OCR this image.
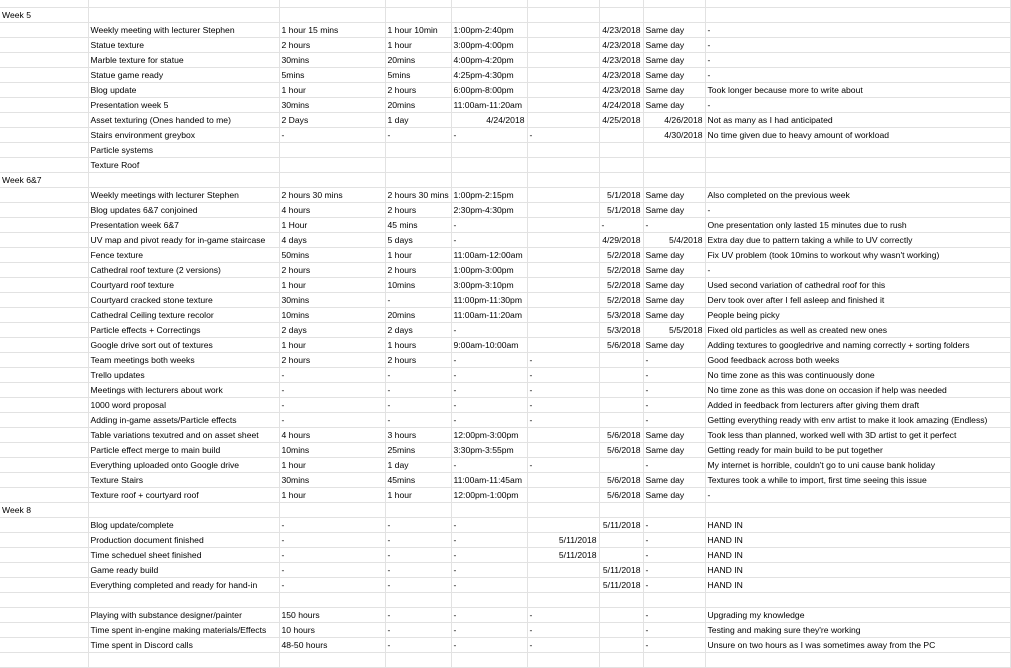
Week 5								
	Weekly meeting with lecturer Stephen	1 hour 15 mins	1 hour 10min	1:00pm-2:40pm		4/23/2018	Same day	-
	Statue texture	2 hours	1 hour	3:00pm-4:00pm		4/23/2018	Same day	-
	Marble texture for statue	30mins	20mins	4:00pm-4:20pm		4/23/2018	Same day	-
	Statue game ready	5mins	5mins	4:25pm-4:30pm		4/23/2018	Same day	-
	Blog update	1 hour	2 hours	6:00pm-8:00pm		4/23/2018	Same day	Took longer because more to write about
	Presentation week 5	30mins	20mins	11:00am-11:20am		4/24/2018	Same day	-
	Asset texturing (Ones handed to me)	2 Days	1 day	4/24/2018		4/25/2018	4/26/2018	Not as many as I had anticipated
	Stairs environment greybox	-	-	-	-		4/30/2018	No time given due to heavy amount of workload
	Particle systems							
	Texture Roof							
Week 6&7								
	Weekly meetings with lecturer Stephen	2 hours 30 mins	2 hours 30 mins	1:00pm-2:15pm		5/1/2018	Same day	Also completed on the previous week
	Blog updates 6&7 conjoined	4 hours	2 hours	2:30pm-4:30pm		5/1/2018	Same day	-
	Presentation week 6&7	1 Hour	45 mins	-		-	-	One presentation only lasted 15 minutes due to rush
	UV map and pivot ready for in-game staircase	4 days	5 days	-		4/29/2018	5/4/2018	Extra day due to pattern taking a while to UV correctly
	Fence texture	50mins	1 hour	11:00am-12:00am		5/2/2018	Same day	Fix UV problem (took 10mins to workout why wasn't working)
	Cathedral roof texture (2 versions)	2 hours	2 hours	1:00pm-3:00pm		5/2/2018	Same day	-
	Courtyard roof texture	1 hour	10mins	3:00pm-3:10pm		5/2/2018	Same day	Used second variation of cathedral roof for this
	Courtyard cracked stone texture	30mins	-	11:00pm-11:30pm		5/2/2018	Same day	Derv took over after I fell asleep and finished it
	Cathedral Ceiling texture recolor	10mins	20mins	11:00am-11:20am		5/3/2018	Same day	People being picky
	Particle effects + Correctings	2 days	2 days	-		5/3/2018	5/5/2018	Fixed old particles as well as created new ones
	Google drive sort out of textures	1 hour	1 hours	9:00am-10:00am		5/6/2018	Same day	Adding textures to googledrive and naming correctly + sorting folders
	Team meetings both weeks	2 hours	2 hours	-	-		-	Good feedback across both weeks
	Trello updates	-	-	-	-		-	No time zone as this was continuously done
	Meetings with lecturers about work	-	-	-	-		-	No time zone as this was done on occasion if help was needed
	1000 word proposal	-	-	-	-		-	Added in feedback from lecturers after giving them draft
	Adding in-game assets/Particle effects	-	-	-	-		-	Getting everything ready with env artist to make it look amazing (Endless)
	Table variations texutred and on asset sheet	4 hours	3 hours	12:00pm-3:00pm		5/6/2018	Same day	Took less than planned, worked well with 3D artist to get it perfect
	Particle effect merge to main build	10mins	25mins	3:30pm-3:55pm		5/6/2018	Same day	Getting ready for main build to be put together
	Everything uploaded onto Google drive	1 hour	1 day	-	-		-	My internet is horrible, couldn't go to uni cause bank holiday
	Texture Stairs	30mins	45mins	11:00am-11:45am		5/6/2018	Same day	Textures took a while to import, first time seeing this issue
	Texture roof + courtyard roof	1 hour	1 hour	12:00pm-1:00pm		5/6/2018	Same day	-
Week 8								
	Blog update/complete	-	-	-		5/11/2018	-	HAND IN
	Production document finished	-	-	-	5/11/2018		-	HAND IN
	Time scheduel sheet finished	-	-	-	5/11/2018		-	HAND IN
	Game ready build	-	-	-		5/11/2018	-	HAND IN
	Everything completed and ready for hand-in	-	-	-		5/11/2018	-	HAND IN

	Playing with substance designer/painter	150 hours	-	-	-		-	Upgrading my knowledge
	Time spent in-engine making materials/Effects	10 hours	-	-	-		-	Testing and making sure they're working
	Time spent in Discord calls	48-50 hours	-	-	-		-	Unsure on two hours as I was sometimes away from the PC
